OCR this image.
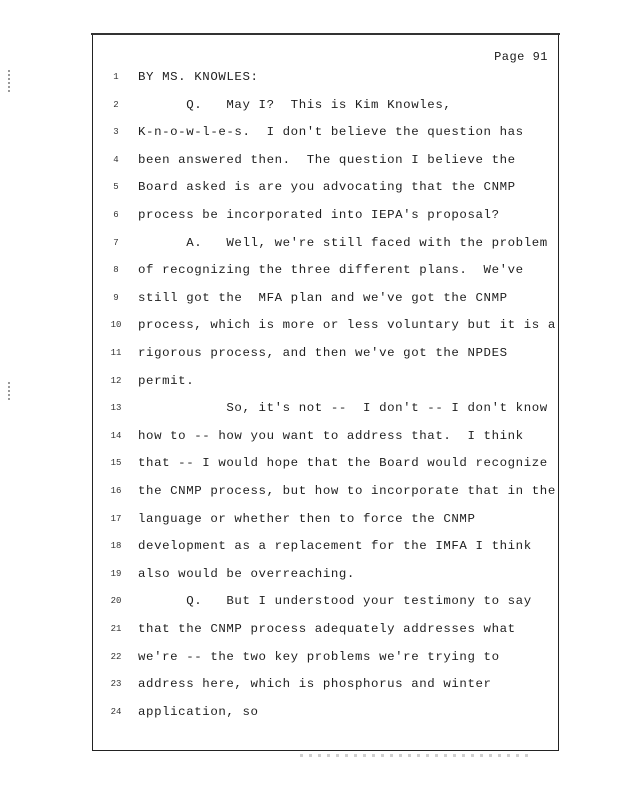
Page 91
1	BY MS. KNOWLES:
2	Q.   May I?  This is Kim Knowles,
3	K-n-o-w-l-e-s.  I don't believe the question has
4	been answered then.  The question I believe the
5	Board asked is are you advocating that the CNMP
6	process be incorporated into IEPA's proposal?
7	A.   Well, we're still faced with the problem
8	of recognizing the three different plans.  We've
9	still got the  MFA plan and we've got the CNMP
10 process, which is more or less voluntary but it is a
11 rigorous process, and then we've got the NPDES
12 permit.
13 So, it's not --  I don't -- I don't know
14 how to -- how you want to address that.  I think
15 that -- I would hope that the Board would recognize
16 the CNMP process, but how to incorporate that in the
17 language or whether then to force the CNMP
18 development as a replacement for the IMFA I think
19 also would be overreaching.
20 Q.   But I understood your testimony to say
21 that the CNMP process adequately addresses what
22 we're -- the two key problems we're trying to
23 address here, which is phosphorus and winter
24 application, so
